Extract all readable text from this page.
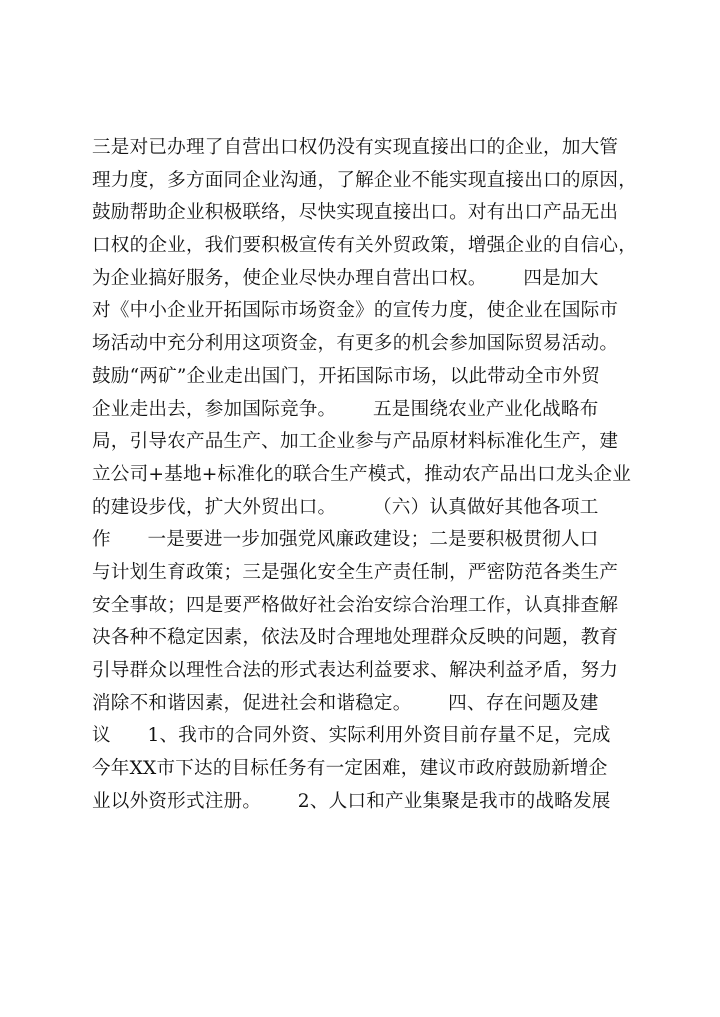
三是对已办理了自营出口权仍没有实现直接出口的企业，加大管
理力度，多方面同企业沟通，了解企业不能实现直接出口的原因，
鼓励帮助企业积极联络，尽快实现直接出口。对有出口产品无出
口权的企业，我们要积极宣传有关外贸政策，增强企业的自信心，
为企业搞好服务，使企业尽快办理自营出口权。      四是加大
对《中小企业开拓国际市场资金》的宣传力度，使企业在国际市
场活动中充分利用这项资金，有更多的机会参加国际贸易活动。
鼓励“两矿”企业走出国门，开拓国际市场，以此带动全市外贸
企业走出去，参加国际竞争。      五是围绕农业产业化战略布
局，引导农产品生产、加工企业参与产品原材料标准化生产，建
立公司+基地+标准化的联合生产模式，推动农产品出口龙头企业
的建设步伐，扩大外贸出口。      （六）认真做好其他各项工
作      一是要进一步加强党风廉政建设；二是要积极贯彻人口
与计划生育政策；三是强化安全生产责任制，严密防范各类生产
安全事故；四是要严格做好社会治安综合治理工作，认真排查解
决各种不稳定因素，依法及时合理地处理群众反映的问题，教育
引导群众以理性合法的形式表达利益要求、解决利益矛盾，努力
消除不和谐因素，促进社会和谐稳定。      四、存在问题及建
议      1、我市的合同外资、实际利用外资目前存量不足，完成
今年XX市下达的目标任务有一定困难，建议市政府鼓励新增企
业以外资形式注册。      2、人口和产业集聚是我市的战略发展
